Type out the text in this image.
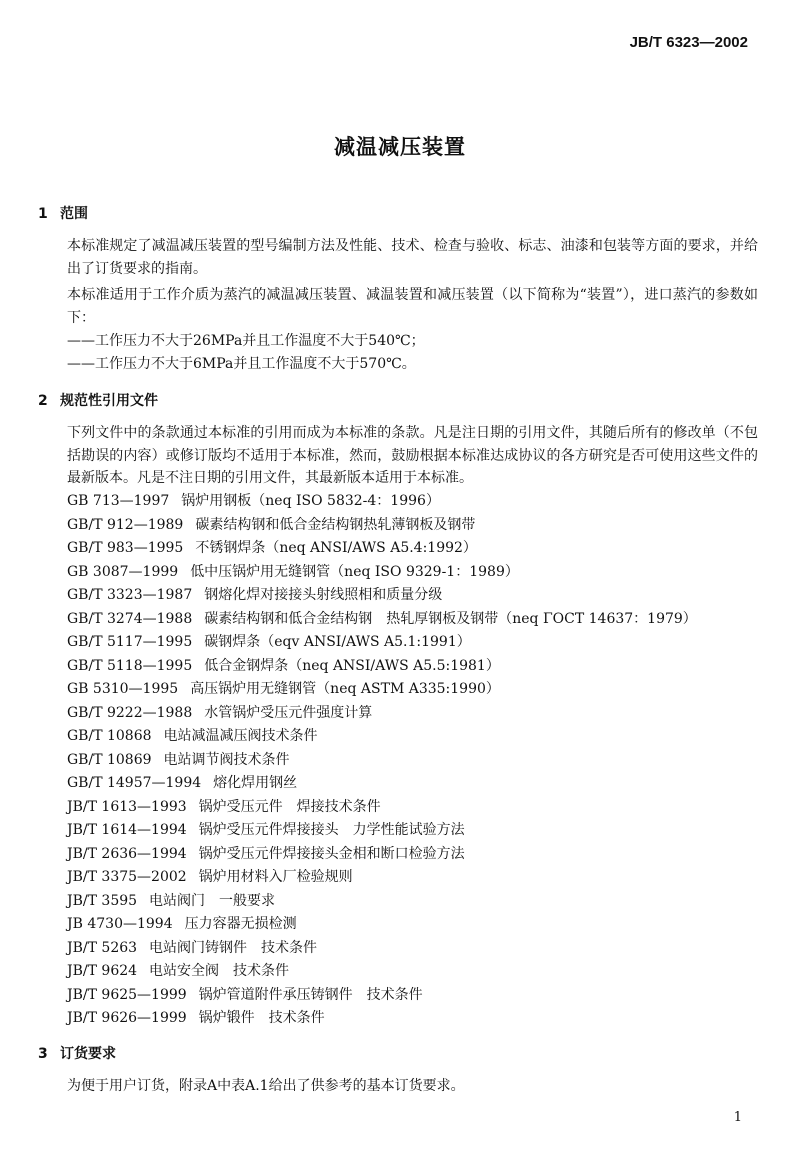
JB/T 6323—2002
减温减压装置
1 范围
本标准规定了减温减压装置的型号编制方法及性能、技术、检查与验收、标志、油漆和包装等方面的要求，并给出了订货要求的指南。
本标准适用于工作介质为蒸汽的减温减压装置、减温装置和减压装置（以下简称为“装置”），进口蒸汽的参数如下：
——工作压力不大于26MPa并且工作温度不大于540℃；
——工作压力不大于6MPa并且工作温度不大于570℃。
2 规范性引用文件
下列文件中的条款通过本标准的引用而成为本标准的条款。凡是注日期的引用文件，其随后所有的修改单（不包括勘误的内容）或修订版均不适用于本标准，然而，鼓励根据本标准达成协议的各方研究是否可使用这些文件的最新版本。凡是不注日期的引用文件，其最新版本适用于本标准。
GB 713—1997 锅炉用钢板（neq ISO 5832-4：1996）
GB/T 912—1989 碳素结构钢和低合金结构钢热轧薄钢板及钢带
GB/T 983—1995 不锈钢焊条（neq ANSI/AWS A5.4:1992）
GB 3087—1999 低中压锅炉用无缝钢管（neq ISO 9329-1：1989）
GB/T 3323—1987 钢熔化焊对接接头射线照相和质量分级
GB/T 3274—1988 碳素结构钢和低合金结构钢　热轧厚钢板及钢带（neq ΓOCT 14637：1979）
GB/T 5117—1995 碳钢焊条（eqv ANSI/AWS A5.1:1991）
GB/T 5118—1995 低合金钢焊条（neq ANSI/AWS A5.5:1981）
GB 5310—1995 高压锅炉用无缝钢管（neq ASTM A335:1990）
GB/T 9222—1988 水管锅炉受压元件强度计算
GB/T 10868 电站减温减压阀技术条件
GB/T 10869 电站调节阀技术条件
GB/T 14957—1994 熔化焊用钢丝
JB/T 1613—1993 锅炉受压元件　焊接技术条件
JB/T 1614—1994 锅炉受压元件焊接接头　力学性能试验方法
JB/T 2636—1994 锅炉受压元件焊接接头金相和断口检验方法
JB/T 3375—2002 锅炉用材料入厂检验规则
JB/T 3595 电站阀门　一般要求
JB 4730—1994 压力容器无损检测
JB/T 5263 电站阀门铸钢件　技术条件
JB/T 9624 电站安全阀　技术条件
JB/T 9625—1999 锅炉管道附件承压铸钢件　技术条件
JB/T 9626—1999 锅炉锻件　技术条件
3 订货要求
为便于用户订货，附录A中表A.1给出了供参考的基本订货要求。
1
